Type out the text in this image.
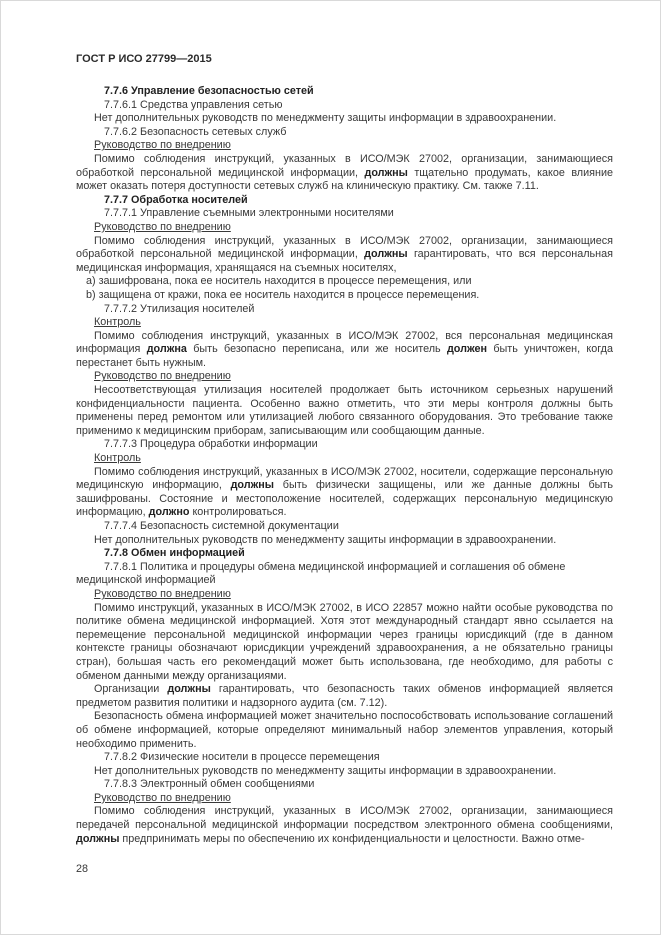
ГОСТ Р ИСО 27799—2015

7.7.6 Управление безопасностью сетей

7.7.6.1 Средства управления сетью

Нет дополнительных руководств по менеджменту защиты информации в здравоохранении.

7.7.6.2 Безопасность сетевых служб

Руководство по внедрению

Помимо соблюдения инструкций, указанных в ИСО/МЭК 27002, организации, занимающиеся обработкой персональной медицинской информации, должны тщательно продумать, какое влияние может оказать потеря доступности сетевых служб на клиническую практику. См. также 7.11.

7.7.7 Обработка носителей

7.7.7.1 Управление съемными электронными носителями

Руководство по внедрению

Помимо соблюдения инструкций, указанных в ИСО/МЭК 27002, организации, занимающиеся обработкой персональной медицинской информации, должны гарантировать, что вся персональная медицинская информация, хранящаяся на съемных носителях,

a) зашифрована, пока ее носитель находится в процессе перемещения, или

b) защищена от кражи, пока ее носитель находится в процессе перемещения.

7.7.7.2 Утилизация носителей

Контроль

Помимо соблюдения инструкций, указанных в ИСО/МЭК 27002, вся персональная медицинская информация должна быть безопасно переписана, или же носитель должен быть уничтожен, когда перестанет быть нужным.

Руководство по внедрению

Несоответствующая утилизация носителей продолжает быть источником серьезных нарушений конфиденциальности пациента. Особенно важно отметить, что эти меры контроля должны быть применены перед ремонтом или утилизацией любого связанного оборудования. Это требование также применимо к медицинским приборам, записывающим или сообщающим данные.

7.7.7.3 Процедура обработки информации

Контроль

Помимо соблюдения инструкций, указанных в ИСО/МЭК 27002, носители, содержащие персональную медицинскую информацию, должны быть физически защищены, или же данные должны быть зашифрованы. Состояние и местоположение носителей, содержащих персональную медицинскую информацию, должно контролироваться.

7.7.7.4 Безопасность системной документации

Нет дополнительных руководств по менеджменту защиты информации в здравоохранении.

7.7.8 Обмен информацией

7.7.8.1 Политика и процедуры обмена медицинской информацией и соглашения об обмене медицинской информацией

Руководство по внедрению

Помимо инструкций, указанных в ИСО/МЭК 27002, в ИСО 22857 можно найти особые руководства по политике обмена медицинской информацией. Хотя этот международный стандарт явно ссылается на перемещение персональной медицинской информации через границы юрисдикций (где в данном контексте границы обозначают юрисдикции учреждений здравоохранения, а не обязательно границы стран), большая часть его рекомендаций может быть использована, где необходимо, для работы с обменом данными между организациями.

Организации должны гарантировать, что безопасность таких обменов информацией является предметом развития политики и надзорного аудита (см. 7.12).

Безопасность обмена информацией может значительно поспособствовать использование соглашений об обмене информацией, которые определяют минимальный набор элементов управления, который необходимо применить.

7.7.8.2 Физические носители в процессе перемещения

Нет дополнительных руководств по менеджменту защиты информации в здравоохранении.

7.7.8.3 Электронный обмен сообщениями

Руководство по внедрению

Помимо соблюдения инструкций, указанных в ИСО/МЭК 27002, организации, занимающиеся передачей персональной медицинской информации посредством электронного обмена сообщениями, должны предпринимать меры по обеспечению их конфиденциальности и целостности. Важно отме-

28
